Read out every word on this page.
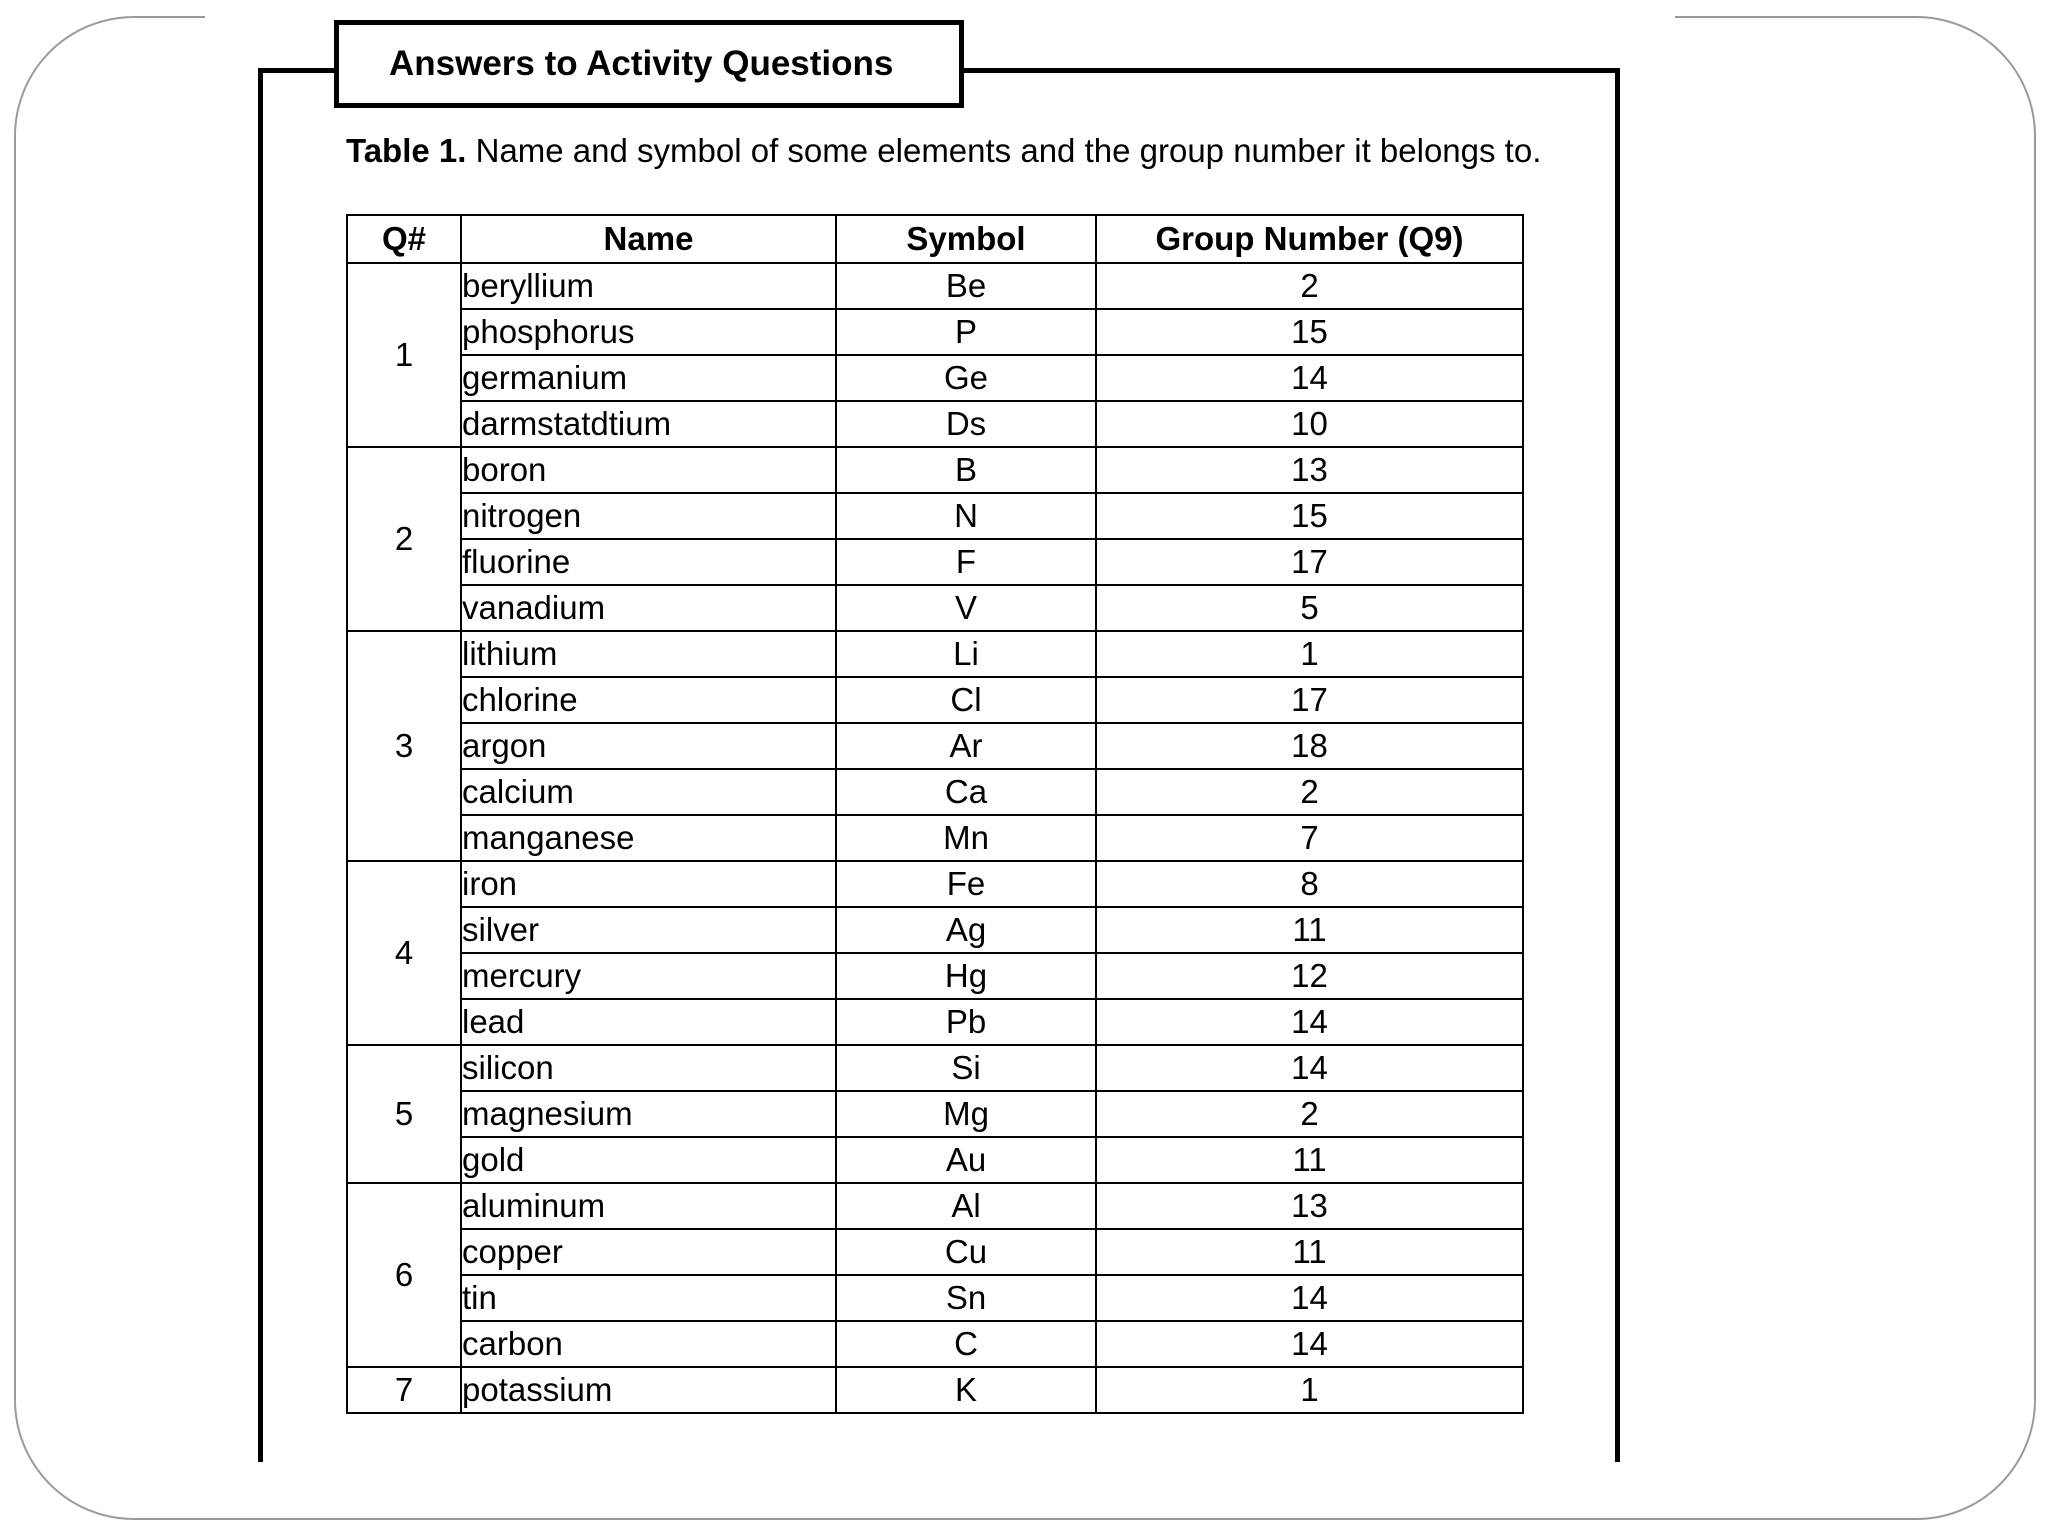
Answers to Activity Questions
Table 1. Name and symbol of some elements and the group number it belongs to.
Q#	Name	Symbol	Group Number (Q9)
1	beryllium	Be	2
	phosphorus	P	15
	germanium	Ge	14
	darmstatdtium	Ds	10
2	boron	B	13
	nitrogen	N	15
	fluorine	F	17
	vanadium	V	5
3	lithium	Li	1
	chlorine	Cl	17
	argon	Ar	18
	calcium	Ca	2
	manganese	Mn	7
4	iron	Fe	8
	silver	Ag	11
	mercury	Hg	12
	lead	Pb	14
5	silicon	Si	14
	magnesium	Mg	2
	gold	Au	11
6	aluminum	Al	13
	copper	Cu	11
	tin	Sn	14
	carbon	C	14
7	potassium	K	1
